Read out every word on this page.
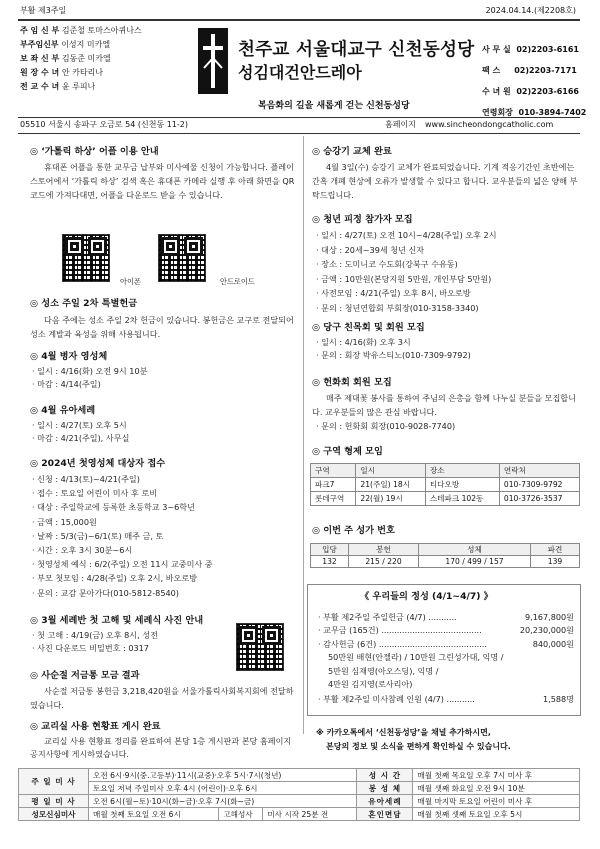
부활 제3주일	2024.04.14.(제2208호)
주 임 신 부 김준철 토마스아퀴나스
부주임신부 이성지 미카엘
보 좌 신 부 김동준 미카엘
원 장 수 녀 안 카타리나
전 교 수 녀 윤 루피나
천주교 서울대교구 신천동성당
성김대건안드레아
복음화의 길을 새롭게 걷는 신천동성당
사 무 실 02)2203-6161
팩 스 02)2203-7171
수 녀 원 02)2203-6166
연령회장 010-3894-7402
05510 서울시 송파구 오금로 54 (신천동 11-2)	홈페이지 www.sincheondongcatholic.com
◎ ‘가톨릭 하상’ 어플 이용 안내
휴대폰 어플을 통한 교무금 납부와 미사예물 신청이 가능합니다. 플레이스토어에서 ‘가톨릭 하상’ 검색 혹은 휴대폰 카메라 실행 후 아래 화면을 QR코드에 가져다대면, 어플을 다운로드 받을 수 있습니다.
아이폰	안드로이드
◎ 성소 주일 2차 특별헌금
다음 주에는 성소 주일 2차 헌금이 있습니다. 봉헌금은 교구로 전달되어 성소 계발과 육성을 위해 사용됩니다.
◎ 4월 병자 영성체
· 일시 : 4/16(화) 오전 9시 10분
· 마감 : 4/14(주일)
◎ 4월 유아세례
· 일시 : 4/27(토) 오후 5시
· 마감 : 4/21(주일), 사무실
◎ 2024년 첫영성체 대상자 접수
· 신청 : 4/13(토)~4/21(주일)
· 접수 : 토요일 어린이 미사 후 로비
· 대상 : 주일학교에 등록한 초등학교 3~6학년
· 금액 : 15,000원
· 날짜 : 5/3(금)~6/1(토) 매주 금, 토
· 시간 : 오후 3시 30분~6시
· 첫영성체 예식 : 6/2(주일) 오전 11시 교중미사 중
· 부모 첫모임 : 4/28(주일) 오후 2시, 바오로방
· 문의 : 교감 문아가다(010-5812-8540)
◎ 3월 세례반 첫 고해 및 세례식 사진 안내
· 첫 고해 : 4/19(금) 오후 8시, 성전
· 사진 다운로드 비밀번호 : 0317
◎ 사순절 저금통 모금 결과
사순절 저금통 봉헌금 3,218,420원을 서울가톨릭사회복지회에 전달하였습니다.
◎ 교리실 사용 현황표 게시 완료
교리실 사용 현황표 정리를 완료하여 본당 1층 게시판과 본당 홈페이지 공지사항에 게시하였습니다.
◎ 승강기 교체 완료
4월 3일(수) 승강기 교체가 완료되었습니다. 기계 적응기간인 초반에는 간혹 개폐 현상에 오류가 발생할 수 있다고 합니다. 교우분들의 넓은 양해 부탁드립니다.
◎ 청년 피정 참가자 모집
· 일시 : 4/27(토) 오전 10시~4/28(주일) 오후 2시
· 대상 : 20세~39세 청년 신자
· 장소 : 도미니코 수도회(강북구 수유동)
· 금액 : 10만원(본당지원 5만원, 개인부담 5만원)
· 사전모임 : 4/21(주일) 오후 8시, 바오로방
· 문의 : 청년연합회 부회장(010-3158-3340)
◎ 당구 친목회 및 회원 모집
· 일시 : 4/16(화) 오후 3시
· 문의 : 회장 박유스티노(010-7309-9792)
◎ 헌화회 회원 모집
매주 제대꽃 봉사를 통하여 주님의 은총을 함께 나누실 분들을 모집합니다. 교우분들의 많은 관심 바랍니다.
· 문의 : 헌화회 회장(010-9028-7740)
◎ 구역 형제 모임
구역	일시	장소	연락처
파크7	21(주일) 18시	티다오방	010-7309-9792
롯데구역	22(월) 19시	스테파크 102동	010-3726-3537
◎ 이번 주 성가 번호
입당	봉헌	성체	파견
132	215 / 220	170 / 499 / 157	139
《 우리들의 정성 (4/1~4/7) 》
· 부활 제2주일 주일헌금 (4/7) ...........	9,167,800원
· 교무금 (165건) .......................................	20,230,000원
· 감사헌금 (6건) ..........................................	840,000원
50만원 배현(안젤라) / 10만원 그린성가대, 익명 /
5만원 심재영(아오스딩), 익명 /
4만원 김지영(로사리아)
· 부활 제2주일 미사참례 인원 (4/7) ...........	1,588명
※ 카카오톡에서 ‘신천동성당’을 채널 추가하시면,
본당의 정보 및 소식을 편하게 확인하실 수 있습니다.
주 일 미 사	오전 6시·9시(중.고등부)·11시(교중)·오후 5시·7시(청년)			성 시 간	매월 첫째 목요일 오후 7시 미사 후
	토요일 저녁 주일미사 오후 4시 (어린이)·오후 6시			봉 성 체	매월 셋째 화요일 오전 9시 10분
평 일 미 사	오전 6시(월~토)·10시(화~금)·오후 7시(화~금)			유아세례	매월 마지막 토요일 어린이 미사 후
성모신심미사	매월 첫째 토요일 오전 6시	고해성사	미사 시작 25분 전	혼인면담	매월 첫째 셋째 토요일 오후 5시
